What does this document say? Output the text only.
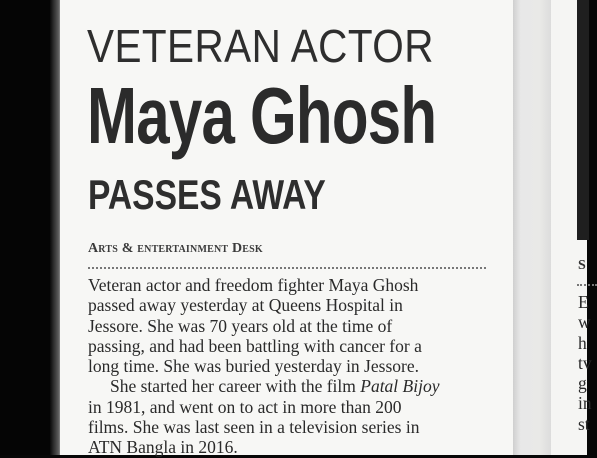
VETERAN ACTOR
Maya Ghosh
PASSES AWAY
Arts & entertainment Desk
Veteran actor and freedom fighter Maya Ghosh
passed away yesterday at Queens Hospital in
Jessore. She was 70 years old at the time of
passing, and had been battling with cancer for a
long time. She was buried yesterday in Jessore.
She started her career with the film Patal Bijoy
in 1981, and went on to act in more than 200
films. She was last seen in a television series in
ATN Bangla in 2016.
S
E
w
h
tv
g
in
st
